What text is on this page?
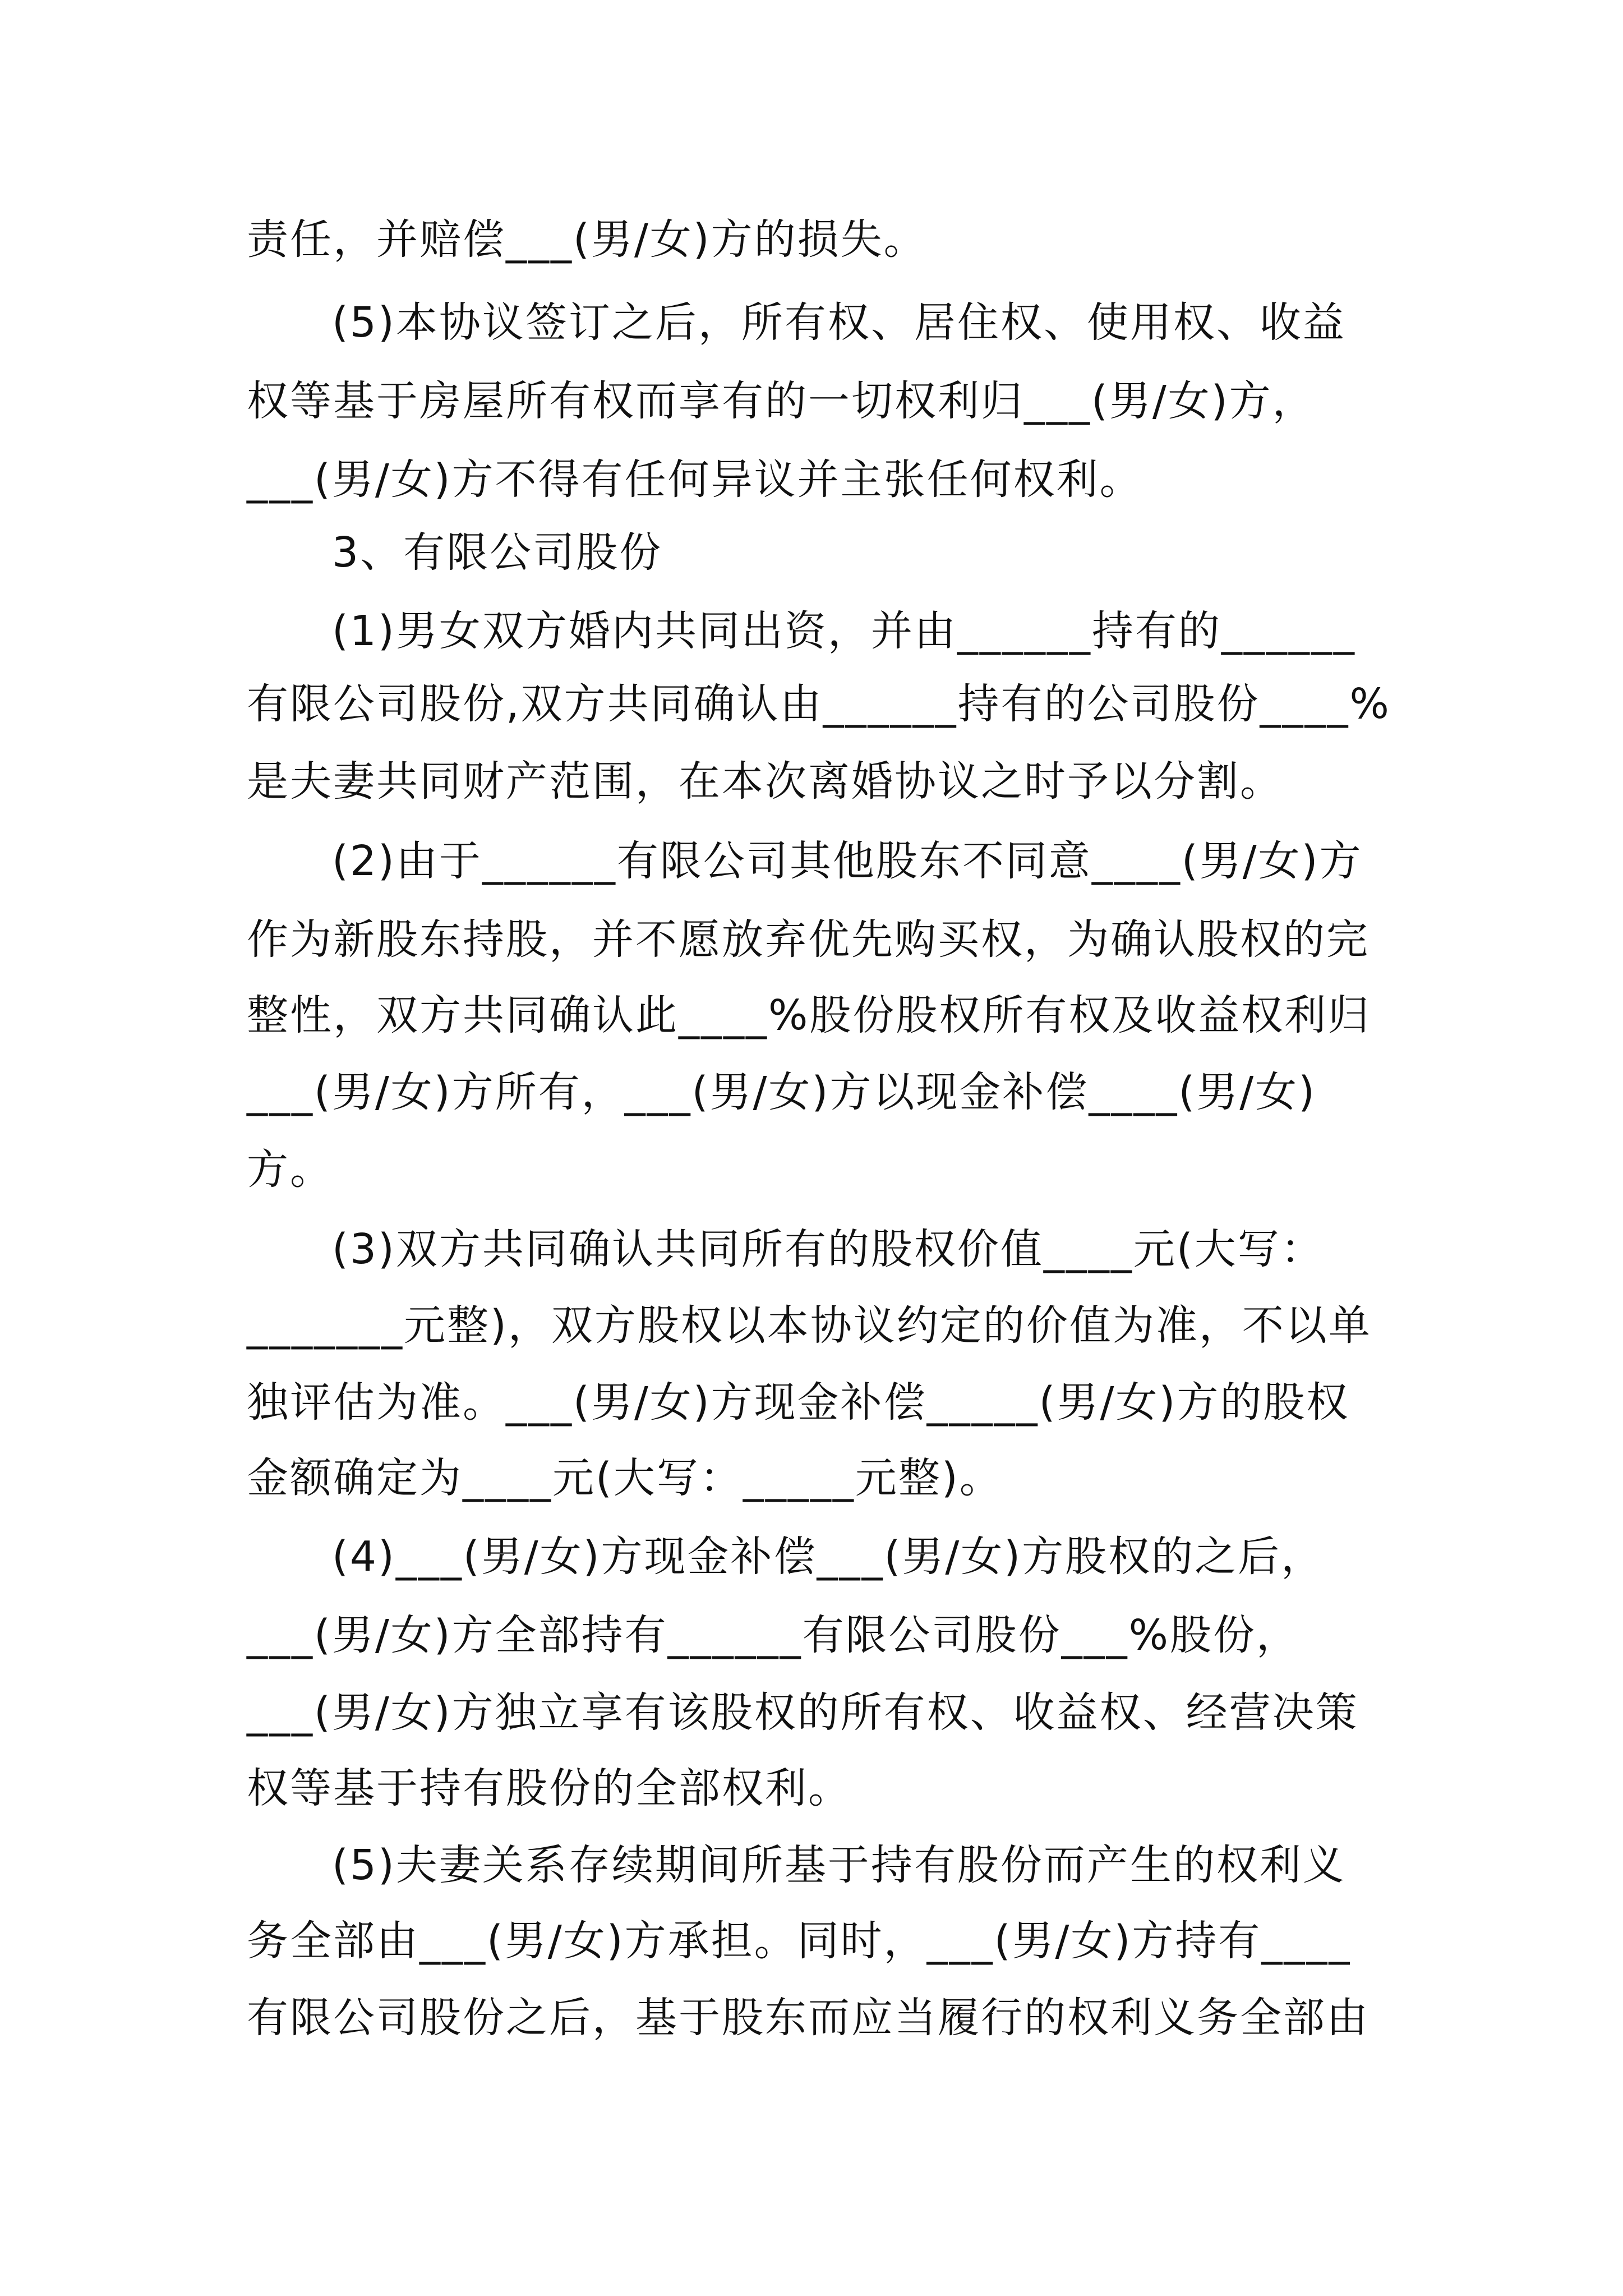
责任，并赔偿___(男/女)方的损失。
(5)本协议签订之后，所有权、居住权、使用权、收益
权等基于房屋所有权而享有的一切权利归___(男/女)方，
___(男/女)方不得有任何异议并主张任何权利。
3、有限公司股份
(1)男女双方婚内共同出资，并由______持有的______
有限公司股份,双方共同确认由______持有的公司股份____%
是夫妻共同财产范围，在本次离婚协议之时予以分割。
(2)由于______有限公司其他股东不同意____(男/女)方
作为新股东持股，并不愿放弃优先购买权，为确认股权的完
整性，双方共同确认此____%股份股权所有权及收益权利归
___(男/女)方所有，___(男/女)方以现金补偿____(男/女)
方。
(3)双方共同确认共同所有的股权价值____元(大写：
_______元整)，双方股权以本协议约定的价值为准，不以单
独评估为准。___(男/女)方现金补偿_____(男/女)方的股权
金额确定为____元(大写：_____元整)。
(4)___(男/女)方现金补偿___(男/女)方股权的之后，
___(男/女)方全部持有______有限公司股份___%股份，
___(男/女)方独立享有该股权的所有权、收益权、经营决策
权等基于持有股份的全部权利。
(5)夫妻关系存续期间所基于持有股份而产生的权利义
务全部由___(男/女)方承担。同时，___(男/女)方持有____
有限公司股份之后，基于股东而应当履行的权利义务全部由
